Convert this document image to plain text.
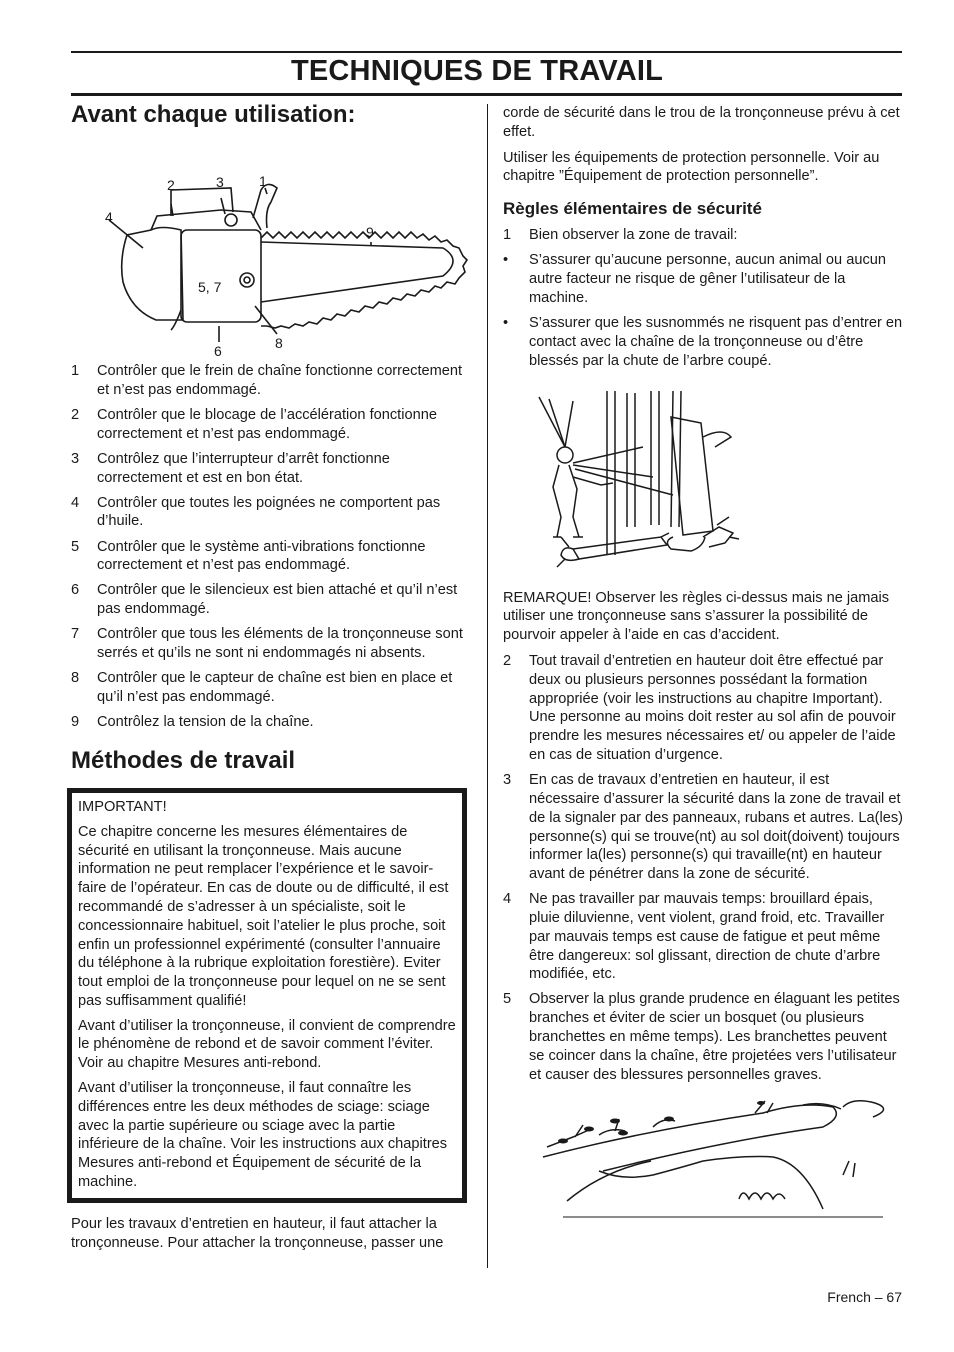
TECHNIQUES DE TRAVAIL
Avant chaque utilisation:
2	3	1
4
9
5, 7
8
6
1	Contrôler que le frein de chaîne fonctionne correctement et n’est pas endommagé.
2	Contrôler que le blocage de l’accélération fonctionne correctement et n’est pas endommagé.
3	Contrôlez que l’interrupteur d’arrêt fonctionne correctement et est en bon état.
4	Contrôler que toutes les poignées ne comportent pas d’huile.
5	Contrôler que le système anti-vibrations fonctionne correctement et n’est pas endommagé.
6	Contrôler que le silencieux est bien attaché et qu’il n’est pas endommagé.
7	Contrôler que tous les éléments de la tronçonneuse sont serrés et qu’ils ne sont ni endommagés ni absents.
8	Contrôler que le capteur de chaîne est bien en place et qu’il n’est pas endommagé.
9	Contrôlez la tension de la chaîne.
Méthodes de travail

IMPORTANT!

Ce chapitre concerne les mesures élémentaires de sécurité en utilisant la tronçonneuse. Mais aucune information ne peut remplacer l’expérience et le savoir-faire de l’opérateur. En cas de doute ou de difficulté, il est recommandé de s’adresser à un spécialiste, soit le concessionnaire habituel, soit l’atelier le plus proche, soit enfin un professionnel expérimenté (consulter l’annuaire du téléphone à la rubrique exploitation forestière). Eviter tout emploi de la tronçonneuse pour lequel on ne se sent pas suffisamment qualifié!

Avant d’utiliser la tronçonneuse, il convient de comprendre le phénomène de rebond et de savoir comment l’éviter. Voir au chapitre Mesures anti-rebond.

Avant d’utiliser la tronçonneuse, il faut connaître les différences entre les deux méthodes de sciage: sciage avec la partie supérieure ou sciage avec la partie inférieure de la chaîne. Voir les instructions aux chapitres Mesures anti-rebond et Équipement de sécurité de la machine.

Pour les travaux d’entretien en hauteur, il faut attacher la tronçonneuse. Pour attacher la tronçonneuse, passer une

corde de sécurité dans le trou de la tronçonneuse prévu à cet effet.

Utiliser les équipements de protection personnelle. Voir au chapitre ”Équipement de protection personnelle”.

Règles élémentaires de sécurité
1	Bien observer la zone de travail:
•	S’assurer qu’aucune personne, aucun animal ou aucun autre facteur ne risque de gêner l’utilisateur de la machine.
•	S’assurer que les susnommés ne risquent pas d’entrer en contact avec la chaîne de la tronçonneuse ou d’être blessés par la chute de l’arbre coupé.

REMARQUE! Observer les règles ci-dessus mais ne jamais utiliser une tronçonneuse sans s’assurer la possibilité de pourvoir appeler à l’aide en cas d’accident.

2	Tout travail d’entretien en hauteur doit être effectué par deux ou plusieurs personnes possédant la formation appropriée (voir les instructions au chapitre Important). Une personne au moins doit rester au sol afin de pouvoir prendre les mesures nécessaires et/ ou appeler de l’aide en cas de situation d’urgence.
3	En cas de travaux d’entretien en hauteur, il est nécessaire d’assurer la sécurité dans la zone de travail et de la signaler par des panneaux, rubans et autres. La(les) personne(s) qui se trouve(nt) au sol doit(doivent) toujours informer la(les) personne(s) qui travaille(nt) en hauteur avant de pénétrer dans la zone de sécurité.
4	Ne pas travailler par mauvais temps: brouillard épais, pluie diluvienne, vent violent, grand froid, etc. Travailler par mauvais temps est cause de fatigue et peut même être dangereux: sol glissant, direction de chute d’arbre modifiée, etc.
5	Observer la plus grande prudence en élaguant les petites branches et éviter de scier un bosquet (ou plusieurs branchettes en même temps). Les branchettes peuvent se coincer dans la chaîne, être projetées vers l’utilisateur et causer des blessures personnelles graves.
French – 67
